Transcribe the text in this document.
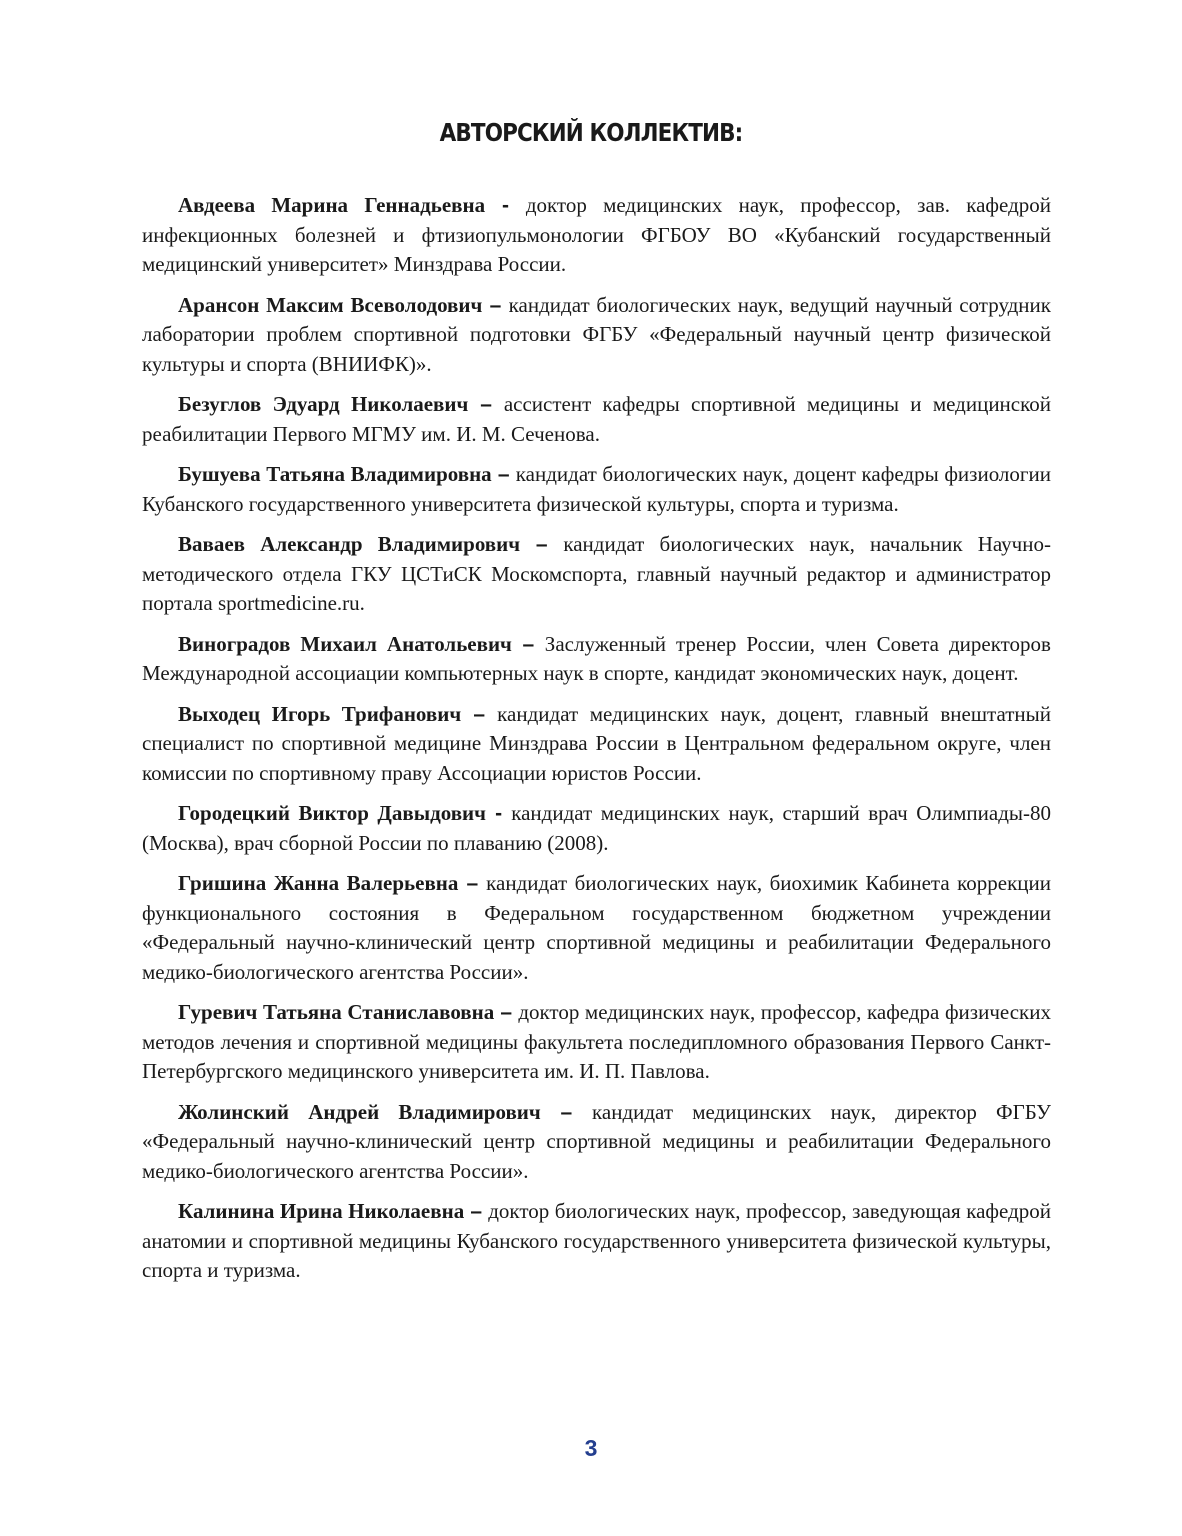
АВТОРСКИЙ КОЛЛЕКТИВ:

Авдеева Марина Геннадьевна - доктор медицинских наук, профессор, зав. кафедрой инфекционных болезней и фтизиопульмонологии ФГБОУ ВО «Кубанский государственный медицинский университет» Минздрава России.

Арансон Максим Всеволодович – кандидат биологических наук, ведущий научный сотрудник лаборатории проблем спортивной подготовки ФГБУ «Федеральный научный центр физической культуры и спорта (ВНИИФК)».

Безуглов Эдуард Николаевич – ассистент кафедры спортивной медицины и медицинской реабилитации Первого МГМУ им. И. М. Сеченова.

Бушуева Татьяна Владимировна – кандидат биологических наук, доцент кафедры физиологии Кубанского государственного университета физической культуры, спорта и туризма.

Ваваев Александр Владимирович – кандидат биологических наук, начальник Научно-методического отдела ГКУ ЦСТиСК Москомспорта, главный научный редактор и администратор портала sportmedicine.ru.

Виноградов Михаил Анатольевич – Заслуженный тренер России, член Совета директоров Международной ассоциации компьютерных наук в спорте, кандидат экономических наук, доцент.

Выходец Игорь Трифанович – кандидат медицинских наук, доцент, главный внештатный специалист по спортивной медицине Минздрава России в Центральном федеральном округе, член комиссии по спортивному праву Ассоциации юристов России.

Городецкий Виктор Давыдович - кандидат медицинских наук, старший врач Олимпиады-80 (Москва), врач сборной России по плаванию (2008).

Гришина Жанна Валерьевна – кандидат биологических наук, биохимик Кабинета коррекции функционального состояния в Федеральном государственном бюджетном учреждении «Федеральный научно-клинический центр спортивной медицины и реабилитации Федерального медико-биологического агентства России».

Гуревич Татьяна Станиславовна – доктор медицинских наук, профессор, кафедра физических методов лечения и спортивной медицины факультета последипломного образования Первого Санкт-Петербургского медицинского университета им. И. П. Павлова.

Жолинский Андрей Владимирович – кандидат медицинских наук, директор ФГБУ «Федеральный научно-клинический центр спортивной медицины и реабилитации Федерального медико-биологического агентства России».

Калинина Ирина Николаевна – доктор биологических наук, профессор, заведующая кафедрой анатомии и спортивной медицины Кубанского государственного университета физической культуры, спорта и туризма.

3
